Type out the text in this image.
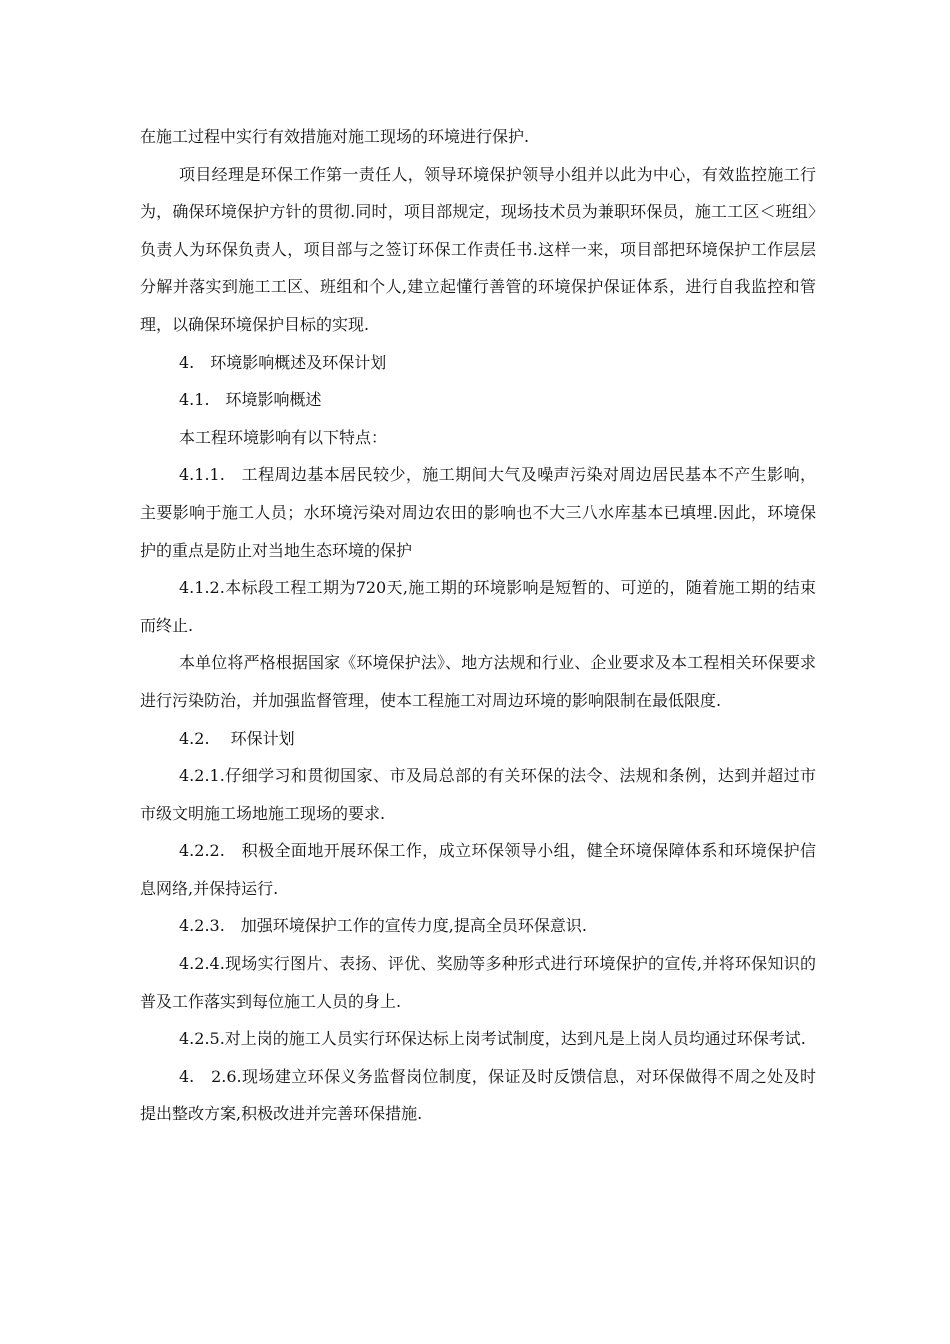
在施工过程中实行有效措施对施工现场的环境进行保护.

项目经理是环保工作第一责任人，领导环境保护领导小组并以此为中心，有效监控施工行为，确保环境保护方针的贯彻.同时，项目部规定，现场技术员为兼职环保员，施工工区＜班组〉负责人为环保负责人，项目部与之签订环保工作责任书.这样一来，项目部把环境保护工作层层分解并落实到施工工区、班组和个人,建立起懂行善管的环境保护保证体系，进行自我监控和管理，以确保环境保护目标的实现.

4.　环境影响概述及环保计划

4.1.　环境影响概述

本工程环境影响有以下特点：

4.1.1.　工程周边基本居民较少，施工期间大气及噪声污染对周边居民基本不产生影响，主要影响于施工人员；水环境污染对周边农田的影响也不大三八水库基本已填埋.因此，环境保护的重点是防止对当地生态环境的保护

4.1.2.本标段工程工期为720天,施工期的环境影响是短暂的、可逆的，随着施工期的结束而终止.

本单位将严格根据国家《环境保护法》、地方法规和行业、企业要求及本工程相关环保要求进行污染防治，并加强监督管理，使本工程施工对周边环境的影响限制在最低限度.

4.2.　 环保计划

4.2.1.仔细学习和贯彻国家、市及局总部的有关环保的法令、法规和条例，达到并超过市市级文明施工场地施工现场的要求.

4.2.2.　积极全面地开展环保工作，成立环保领导小组，健全环境保障体系和环境保护信息网络,并保持运行.

4.2.3.　加强环境保护工作的宣传力度,提高全员环保意识.

4.2.4.现场实行图片、表扬、评优、奖励等多种形式进行环境保护的宣传,并将环保知识的普及工作落实到每位施工人员的身上.

4.2.5.对上岗的施工人员实行环保达标上岗考试制度，达到凡是上岗人员均通过环保考试.

4.　2.6.现场建立环保义务监督岗位制度，保证及时反馈信息，对环保做得不周之处及时提出整改方案,积极改进并完善环保措施.
